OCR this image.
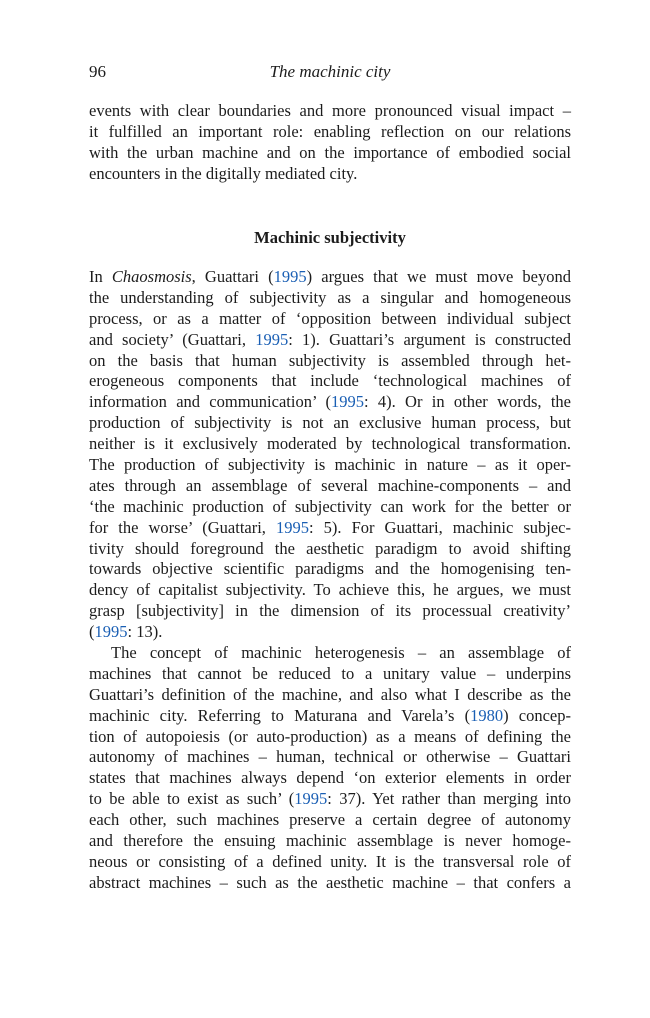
96	The machinic city
events with clear boundaries and more pronounced visual impact –
it fulfilled an important role: enabling reflection on our relations
with the urban machine and on the importance of embodied social
encounters in the digitally mediated city.
Machinic subjectivity
In Chaosmosis, Guattari (1995) argues that we must move beyond
the understanding of subjectivity as a singular and homogeneous
process, or as a matter of ‘opposition between individual subject
and society’ (Guattari, 1995: 1). Guattari’s argument is constructed
on the basis that human subjectivity is assembled through het-
erogeneous components that include ‘technological machines of
information and communication’ (1995: 4). Or in other words, the
production of subjectivity is not an exclusive human process, but
neither is it exclusively moderated by technological transformation.
The production of subjectivity is machinic in nature – as it oper-
ates through an assemblage of several machine-components – and
‘the machinic production of subjectivity can work for the better or
for the worse’ (Guattari, 1995: 5). For Guattari, machinic subjec-
tivity should foreground the aesthetic paradigm to avoid shifting
towards objective scientific paradigms and the homogenising ten-
dency of capitalist subjectivity. To achieve this, he argues, we must
grasp [subjectivity] in the dimension of its processual creativity’
(1995: 13).
The concept of machinic heterogenesis – an assemblage of
machines that cannot be reduced to a unitary value – underpins
Guattari’s definition of the machine, and also what I describe as the
machinic city. Referring to Maturana and Varela’s (1980) concep-
tion of autopoiesis (or auto-production) as a means of defining the
autonomy of machines – human, technical or otherwise – Guattari
states that machines always depend ‘on exterior elements in order
to be able to exist as such’ (1995: 37). Yet rather than merging into
each other, such machines preserve a certain degree of autonomy
and therefore the ensuing machinic assemblage is never homoge-
neous or consisting of a defined unity. It is the transversal role of
abstract machines – such as the aesthetic machine – that confers a
